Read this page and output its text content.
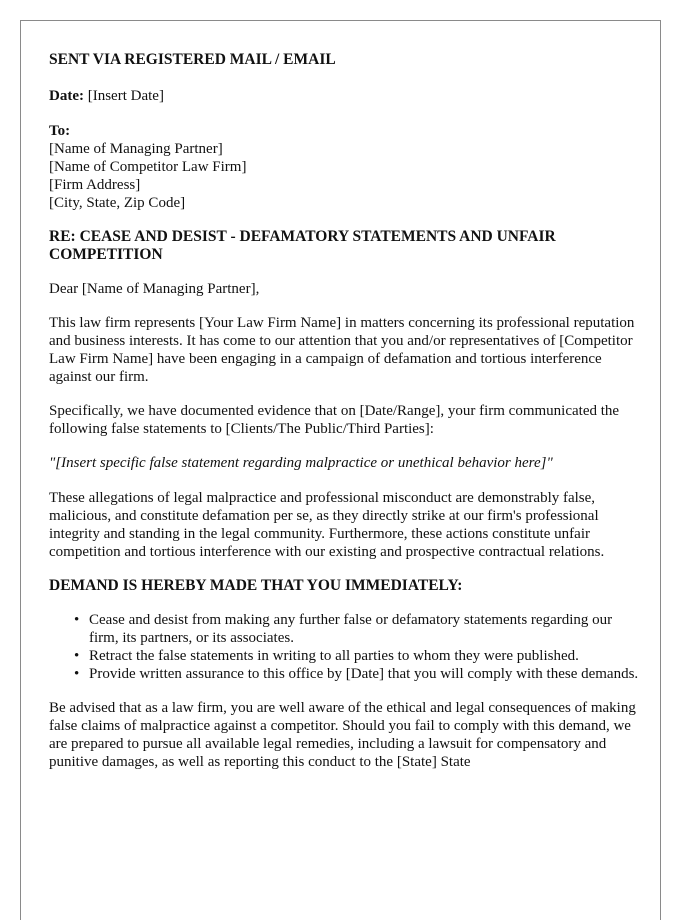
SENT VIA REGISTERED MAIL / EMAIL

Date: [Insert Date]

To:
[Name of Managing Partner]
[Name of Competitor Law Firm]
[Firm Address]
[City, State, Zip Code]

RE: CEASE AND DESIST - DEFAMATORY STATEMENTS AND UNFAIR COMPETITION

Dear [Name of Managing Partner],

This law firm represents [Your Law Firm Name] in matters concerning its professional reputation and business interests. It has come to our attention that you and/or representatives of [Competitor Law Firm Name] have been engaging in a campaign of defamation and tortious interference against our firm.

Specifically, we have documented evidence that on [Date/Range], your firm communicated the following false statements to [Clients/The Public/Third Parties]:

"[Insert specific false statement regarding malpractice or unethical behavior here]"

These allegations of legal malpractice and professional misconduct are demonstrably false, malicious, and constitute defamation per se, as they directly strike at our firm's professional integrity and standing in the legal community. Furthermore, these actions constitute unfair competition and tortious interference with our existing and prospective contractual relations.

DEMAND IS HEREBY MADE THAT YOU IMMEDIATELY:

• Cease and desist from making any further false or defamatory statements regarding our firm, its partners, or its associates.
• Retract the false statements in writing to all parties to whom they were published.
• Provide written assurance to this office by [Date] that you will comply with these demands.

Be advised that as a law firm, you are well aware of the ethical and legal consequences of making false claims of malpractice against a competitor. Should you fail to comply with this demand, we are prepared to pursue all available legal remedies, including a lawsuit for compensatory and punitive damages, as well as reporting this conduct to the [State] State
